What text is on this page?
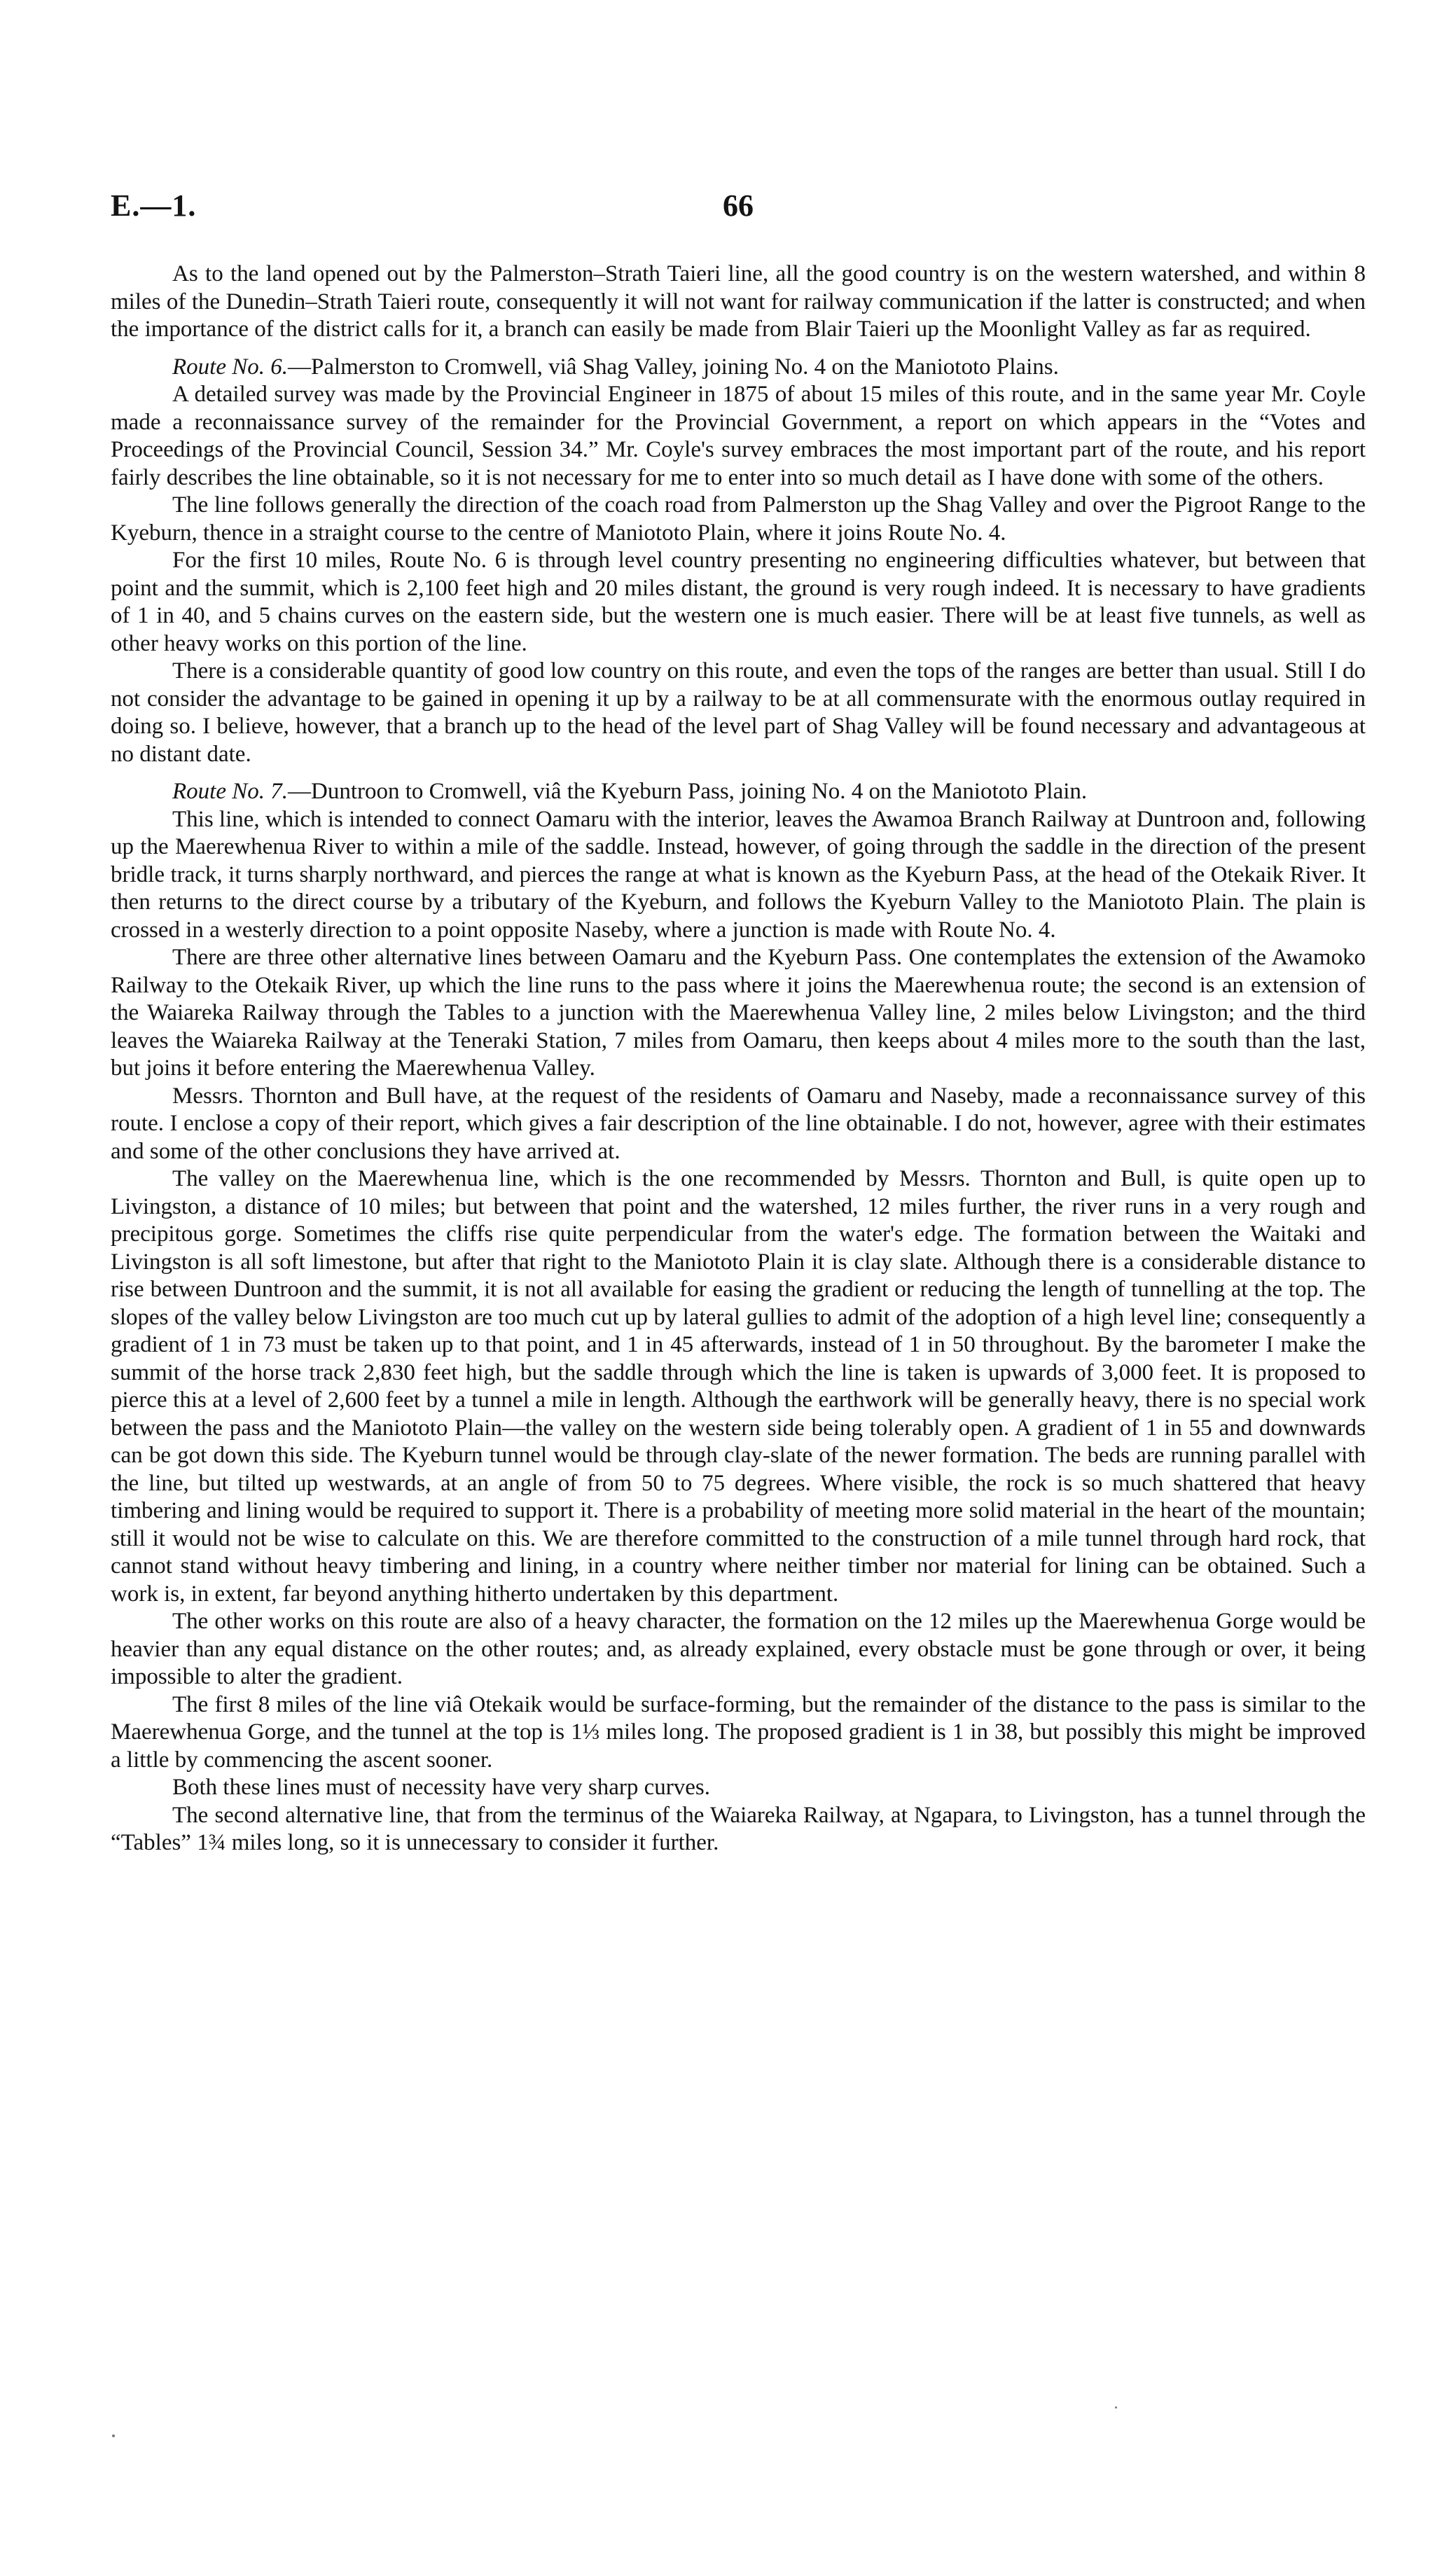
E.—1.	66

As to the land opened out by the Palmerston–Strath Taieri line, all the good country is on the western watershed, and within 8 miles of the Dunedin–Strath Taieri route, consequently it will not want for railway communication if the latter is constructed; and when the importance of the district calls for it, a branch can easily be made from Blair Taieri up the Moonlight Valley as far as required.

Route No. 6.—Palmerston to Cromwell, viâ Shag Valley, joining No. 4 on the Maniototo Plains.

A detailed survey was made by the Provincial Engineer in 1875 of about 15 miles of this route, and in the same year Mr. Coyle made a reconnaissance survey of the remainder for the Provincial Government, a report on which appears in the “Votes and Proceedings of the Provincial Council, Session 34.” Mr. Coyle's survey embraces the most important part of the route, and his report fairly describes the line obtainable, so it is not necessary for me to enter into so much detail as I have done with some of the others.

The line follows generally the direction of the coach road from Palmerston up the Shag Valley and over the Pigroot Range to the Kyeburn, thence in a straight course to the centre of Maniototo Plain, where it joins Route No. 4.

For the first 10 miles, Route No. 6 is through level country presenting no engineering difficulties whatever, but between that point and the summit, which is 2,100 feet high and 20 miles distant, the ground is very rough indeed. It is necessary to have gradients of 1 in 40, and 5 chains curves on the eastern side, but the western one is much easier. There will be at least five tunnels, as well as other heavy works on this portion of the line.

There is a considerable quantity of good low country on this route, and even the tops of the ranges are better than usual. Still I do not consider the advantage to be gained in opening it up by a railway to be at all commensurate with the enormous outlay required in doing so. I believe, however, that a branch up to the head of the level part of Shag Valley will be found necessary and advantageous at no distant date.

Route No. 7.—Duntroon to Cromwell, viâ the Kyeburn Pass, joining No. 4 on the Maniototo Plain.

This line, which is intended to connect Oamaru with the interior, leaves the Awamoa Branch Railway at Duntroon and, following up the Maerewhenua River to within a mile of the saddle. Instead, however, of going through the saddle in the direction of the present bridle track, it turns sharply northward, and pierces the range at what is known as the Kyeburn Pass, at the head of the Otekaik River. It then returns to the direct course by a tributary of the Kyeburn, and follows the Kyeburn Valley to the Maniototo Plain. The plain is crossed in a westerly direction to a point opposite Naseby, where a junction is made with Route No. 4.

There are three other alternative lines between Oamaru and the Kyeburn Pass. One contemplates the extension of the Awamoko Railway to the Otekaik River, up which the line runs to the pass where it joins the Maerewhenua route; the second is an extension of the Waiareka Railway through the Tables to a junction with the Maerewhenua Valley line, 2 miles below Livingston; and the third leaves the Waiareka Railway at the Teneraki Station, 7 miles from Oamaru, then keeps about 4 miles more to the south than the last, but joins it before entering the Maerewhenua Valley.

Messrs. Thornton and Bull have, at the request of the residents of Oamaru and Naseby, made a reconnaissance survey of this route. I enclose a copy of their report, which gives a fair description of the line obtainable. I do not, however, agree with their estimates and some of the other conclusions they have arrived at.

The valley on the Maerewhenua line, which is the one recommended by Messrs. Thornton and Bull, is quite open up to Livingston, a distance of 10 miles; but between that point and the watershed, 12 miles further, the river runs in a very rough and precipitous gorge. Sometimes the cliffs rise quite perpendicular from the water's edge. The formation between the Waitaki and Livingston is all soft limestone, but after that right to the Maniototo Plain it is clay slate. Although there is a considerable distance to rise between Duntroon and the summit, it is not all available for easing the gradient or reducing the length of tunnelling at the top. The slopes of the valley below Livingston are too much cut up by lateral gullies to admit of the adoption of a high level line; consequently a gradient of 1 in 73 must be taken up to that point, and 1 in 45 afterwards, instead of 1 in 50 throughout. By the barometer I make the summit of the horse track 2,830 feet high, but the saddle through which the line is taken is upwards of 3,000 feet. It is proposed to pierce this at a level of 2,600 feet by a tunnel a mile in length. Although the earthwork will be generally heavy, there is no special work between the pass and the Maniototo Plain—the valley on the western side being tolerably open. A gradient of 1 in 55 and downwards can be got down this side. The Kyeburn tunnel would be through clay-slate of the newer formation. The beds are running parallel with the line, but tilted up westwards, at an angle of from 50 to 75 degrees. Where visible, the rock is so much shattered that heavy timbering and lining would be required to support it. There is a probability of meeting more solid material in the heart of the mountain; still it would not be wise to calculate on this. We are therefore committed to the construction of a mile tunnel through hard rock, that cannot stand without heavy timbering and lining, in a country where neither timber nor material for lining can be obtained. Such a work is, in extent, far beyond anything hitherto undertaken by this department.

The other works on this route are also of a heavy character, the formation on the 12 miles up the Maerewhenua Gorge would be heavier than any equal distance on the other routes; and, as already explained, every obstacle must be gone through or over, it being impossible to alter the gradient.

The first 8 miles of the line viâ Otekaik would be surface-forming, but the remainder of the distance to the pass is similar to the Maerewhenua Gorge, and the tunnel at the top is 1⅓ miles long. The proposed gradient is 1 in 38, but possibly this might be improved a little by commencing the ascent sooner.

Both these lines must of necessity have very sharp curves.

The second alternative line, that from the terminus of the Waiareka Railway, at Ngapara, to Livingston, has a tunnel through the “Tables” 1¾ miles long, so it is unnecessary to consider it further.
